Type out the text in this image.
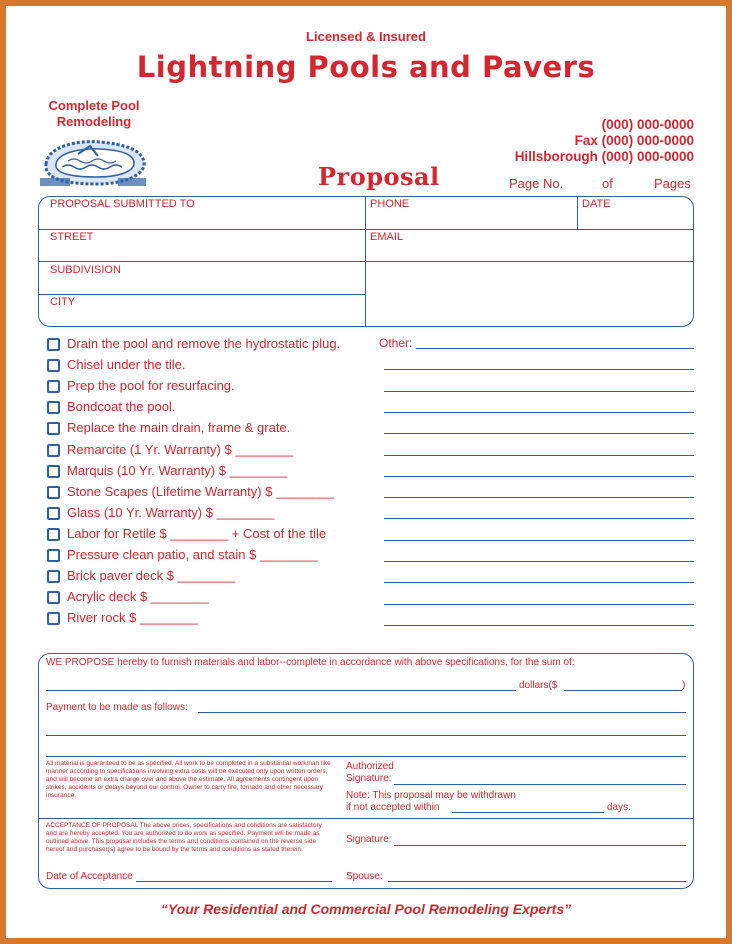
Licensed & Insured
Lightning Pools and Pavers
Complete Pool
Remodeling	(000) 000-0000
Fax (000) 000-0000
Hillsborough (000) 000-0000
Proposal	Page No.	of	Pages
PROPOSAL SUBMITTED TO	PHONE	DATE
STREET	EMAIL
SUBDIVISION
CITY
Drain the pool and remove the hydrostatic plug.
Chisel under the tile.
Prep the pool for resurfacing.
Bondcoat the pool.
Replace the main drain, frame & grate.
Remarcite (1 Yr. Warranty) $ ________
Marquis (10 Yr. Warranty) $ ________
Stone Scapes (Lifetime Warranty) $ ________
Glass (10 Yr. Warranty) $ ________
Labor for Retile $ ________ + Cost of the tile
Pressure clean patio, and stain $ ________
Brick paver deck $ ________
Acrylic deck $ ________
River rock $ ________
Other:
WE PROPOSE hereby to furnish materials and labor--complete in accordance with above specifications, for the sum of:
dollars($	)
Payment to be made as follows:
All material is guaranteed to be as specified. All work to be completed in a substantial workman like manner according to specifications involving extra costs will be executed only upon written orders, and will become an extra charge over and above the estimate. All agreements contingent upon strikes, accidents or delays beyond our control. Owner to carry fire, tornado and other necessary insurance.
Authorized
Signature:
Note: This proposal may be withdrawn
if not accepted within	days.
ACCEPTANCE OF PROPOSAL The above prices, specifications and conditions are satisfactory and are hereby accepted. You are authorized to do work as specified. Payment will be made as outlined above. This proposal includes the terms and conditions contained on the reverse side hereof and purchaser(s) agree to be bound by the terms and conditions as stated therein.
Signature:
Date of Acceptance	Spouse:
“Your Residential and Commercial Pool Remodeling Experts”
